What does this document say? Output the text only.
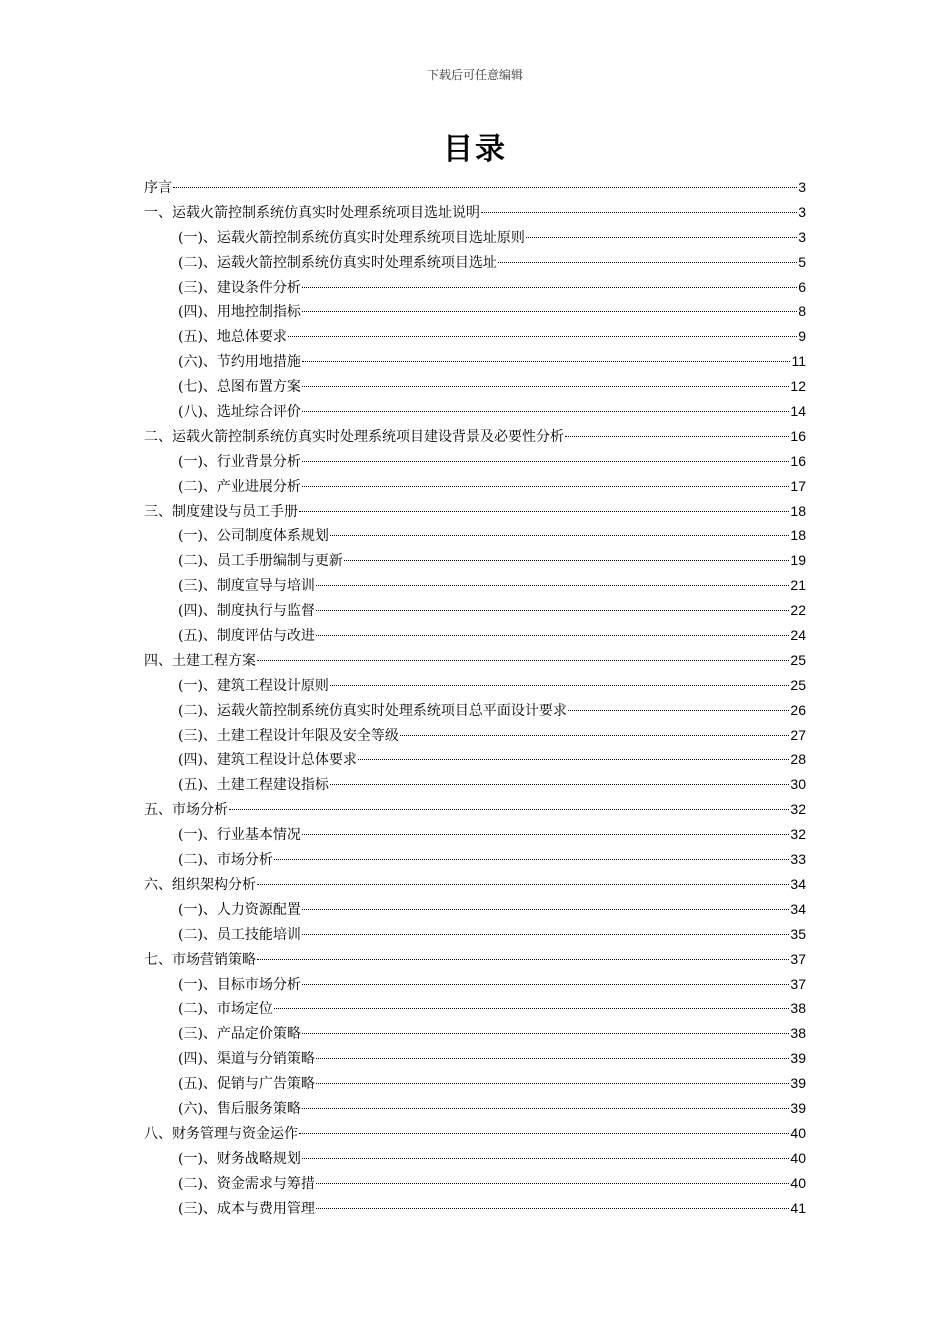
下载后可任意编辑
目录
序言	3
一、运载火箭控制系统仿真实时处理系统项目选址说明	3
(一)、运载火箭控制系统仿真实时处理系统项目选址原则	3
(二)、运载火箭控制系统仿真实时处理系统项目选址	5
(三)、建设条件分析	6
(四)、用地控制指标	8
(五)、地总体要求	9
(六)、节约用地措施	11
(七)、总图布置方案	12
(八)、选址综合评价	14
二、运载火箭控制系统仿真实时处理系统项目建设背景及必要性分析	16
(一)、行业背景分析	16
(二)、产业进展分析	17
三、制度建设与员工手册	18
(一)、公司制度体系规划	18
(二)、员工手册编制与更新	19
(三)、制度宣导与培训	21
(四)、制度执行与监督	22
(五)、制度评估与改进	24
四、土建工程方案	25
(一)、建筑工程设计原则	25
(二)、运载火箭控制系统仿真实时处理系统项目总平面设计要求	26
(三)、土建工程设计年限及安全等级	27
(四)、建筑工程设计总体要求	28
(五)、土建工程建设指标	30
五、市场分析	32
(一)、行业基本情况	32
(二)、市场分析	33
六、组织架构分析	34
(一)、人力资源配置	34
(二)、员工技能培训	35
七、市场营销策略	37
(一)、目标市场分析	37
(二)、市场定位	38
(三)、产品定价策略	38
(四)、渠道与分销策略	39
(五)、促销与广告策略	39
(六)、售后服务策略	39
八、财务管理与资金运作	40
(一)、财务战略规划	40
(二)、资金需求与筹措	40
(三)、成本与费用管理	41
